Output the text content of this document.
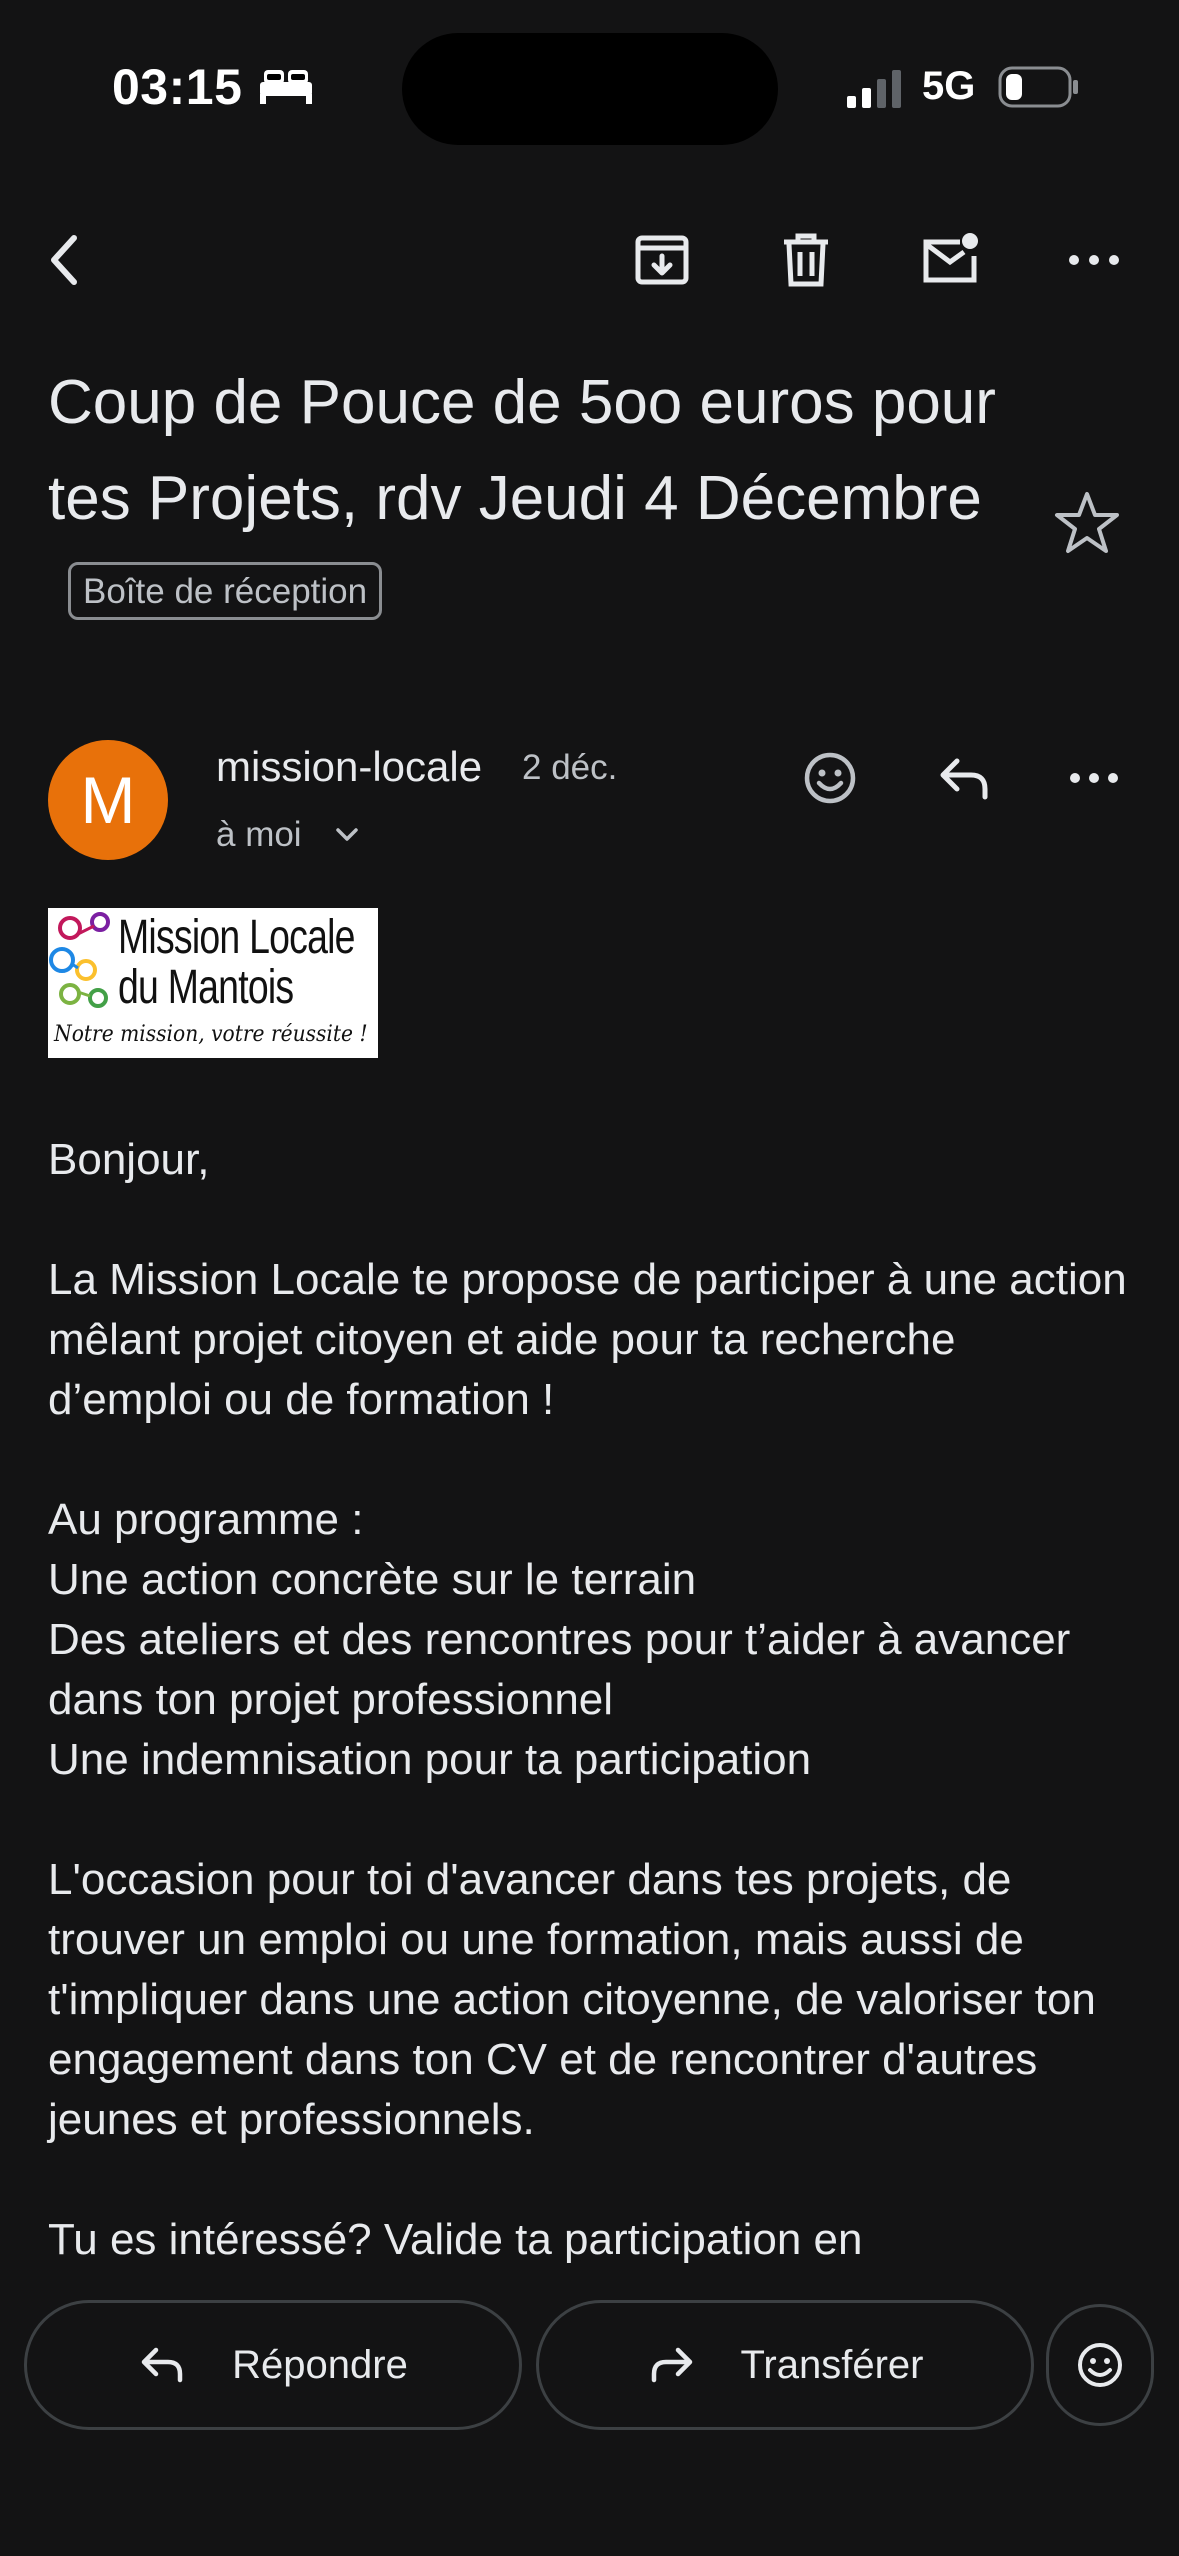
03:15	5G
Coup de Pouce de 5oo euros pour tes Projets, rdv Jeudi 4 DécembreBoîte de réception
M	mission-locale 2 déc.
à moi
Mission Locale
du Mantois
Notre mission, votre réussite !

Bonjour,

La Mission Locale te propose de participer à une action mêlant projet citoyen et aide pour ta recherche d’emploi ou de formation !

Au programme :

Une action concrète sur le terrain

Des ateliers et des rencontres pour t’aider à avancer dans ton projet professionnel

Une indemnisation pour ta participation

L'occasion pour toi d'avancer dans tes projets, de trouver un emploi ou une formation, mais aussi de t'impliquer dans une action citoyenne, de valoriser ton engagement dans ton CV et de rencontrer d'autres jeunes et professionnels.

Tu es intéressé? Valide ta participation en

Répondre	Transférer
